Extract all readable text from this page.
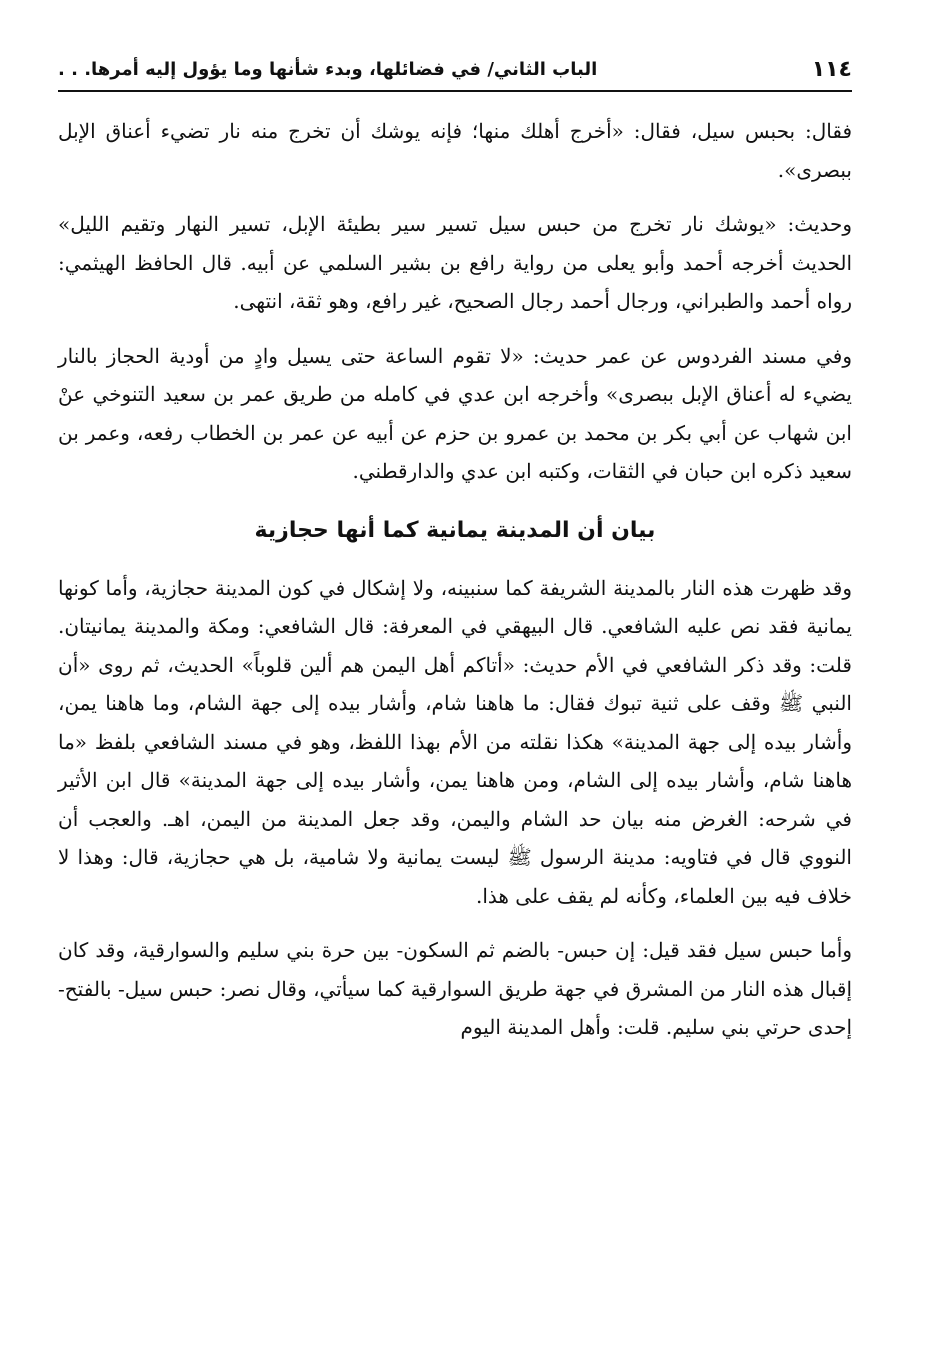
١١٤
الباب الثاني/ في فضائلها، وبدء شأنها وما يؤول إليه أمرها. . .

فقال: بحبس سيل، فقال: «أخرج أهلك منها؛ فإنه يوشك أن تخرج منه نار تضيء أعناق الإبل ببصرى».

وحديث: «يوشك نار تخرج من حبس سيل تسير سير بطيئة الإبل، تسير النهار وتقيم الليل» الحديث أخرجه أحمد وأبو يعلى من رواية رافع بن بشير السلمي عن أبيه. قال الحافظ الهيثمي: رواه أحمد والطبراني، ورجال أحمد رجال الصحيح، غير رافع، وهو ثقة، انتهى.

وفي مسند الفردوس عن عمر حديث: «لا تقوم الساعة حتى يسيل وادٍ من أودية الحجاز بالنار يضيء له أعناق الإبل ببصرى» وأخرجه ابن عدي في كامله من طريق عمر بن سعيد التنوخي عنْ ابن شهاب عن أبي بكر بن محمد بن عمرو بن حزم عن أبيه عن عمر بن الخطاب رفعه، وعمر بن سعيد ذكره ابن حبان في الثقات، وكتبه ابن عدي والدارقطني.

بيان أن المدينة يمانية كما أنها حجازية

وقد ظهرت هذه النار بالمدينة الشريفة كما سنبينه، ولا إشكال في كون المدينة حجازية، وأما كونها يمانية فقد نص عليه الشافعي. قال البيهقي في المعرفة: قال الشافعي: ومكة والمدينة يمانيتان. قلت: وقد ذكر الشافعي في الأم حديث: «أتاكم أهل اليمن هم ألين قلوباً» الحديث، ثم روى «أن النبي ﷺ وقف على ثنية تبوك فقال: ما هاهنا شام، وأشار بيده إلى جهة الشام، وما هاهنا يمن، وأشار بيده إلى جهة المدينة» هكذا نقلته من الأم بهذا اللفظ، وهو في مسند الشافعي بلفظ «ما هاهنا شام، وأشار بيده إلى الشام، ومن هاهنا يمن، وأشار بيده إلى جهة المدينة» قال ابن الأثير في شرحه: الغرض منه بيان حد الشام واليمن، وقد جعل المدينة من اليمن، اهـ. والعجب أن النووي قال في فتاويه: مدينة الرسول ﷺ ليست يمانية ولا شامية، بل هي حجازية، قال: وهذا لا خلاف فيه بين العلماء، وكأنه لم يقف على هذا.

وأما حبس سيل فقد قيل: إن حبس- بالضم ثم السكون- بين حرة بني سليم والسوارقية، وقد كان إقبال هذه النار من المشرق في جهة طريق السوارقية كما سيأتي، وقال نصر: حبس سيل- بالفتح- إحدى حرتي بني سليم. قلت: وأهل المدينة اليوم
